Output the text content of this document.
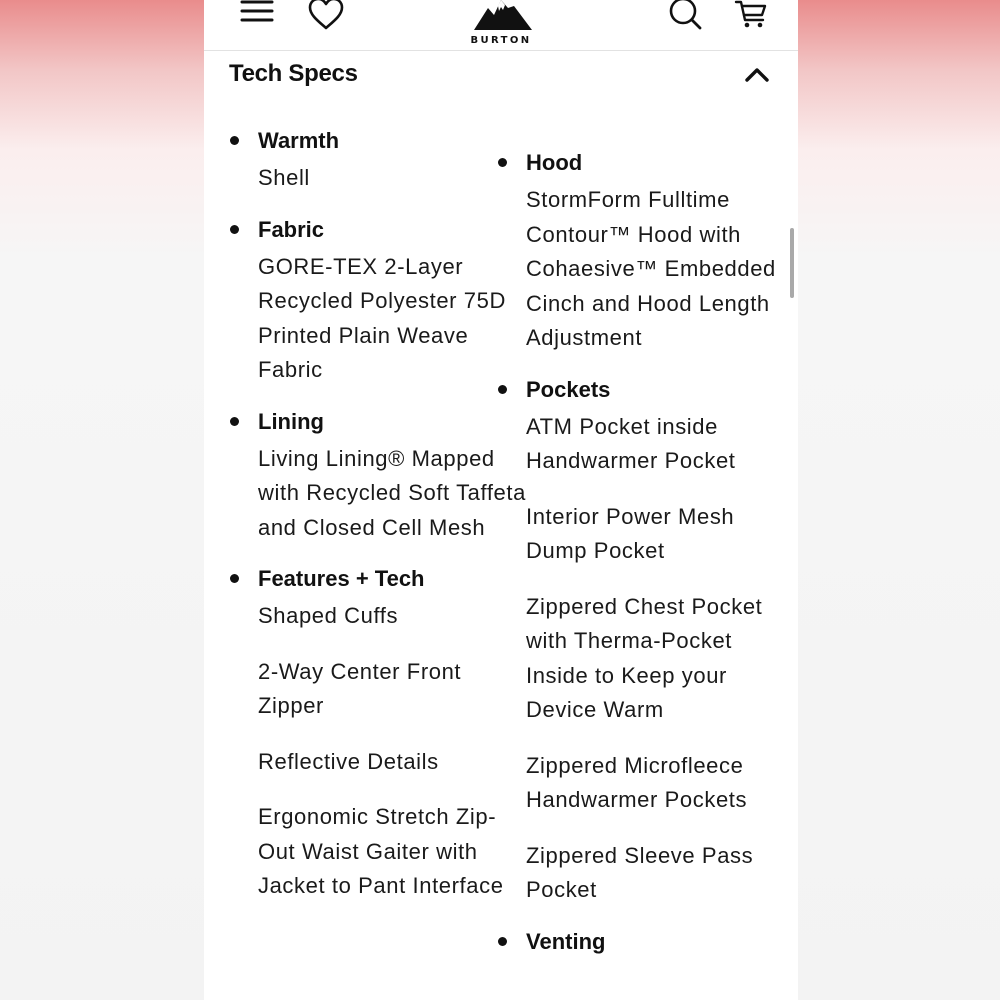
BURTON
Tech Specs
Warmth
Shell
Fabric
GORE-TEX 2-Layer Recycled Polyester 75D Printed Plain Weave Fabric
Lining
Living Lining® Mapped with Recycled Soft Taffeta and Closed Cell Mesh
Features + Tech
Shaped Cuffs
2-Way Center Front Zipper
Reflective Details
Ergonomic Stretch Zip-Out Waist Gaiter with Jacket to Pant Interface
Hood
StormForm Fulltime Contour™ Hood with Cohaesive™ Embedded Cinch and Hood Length Adjustment
Pockets
ATM Pocket inside Handwarmer Pocket
Interior Power Mesh Dump Pocket
Zippered Chest Pocket with Therma-Pocket Inside to Keep your Device Warm
Zippered Microfleece Handwarmer Pockets
Zippered Sleeve Pass Pocket
Venting
